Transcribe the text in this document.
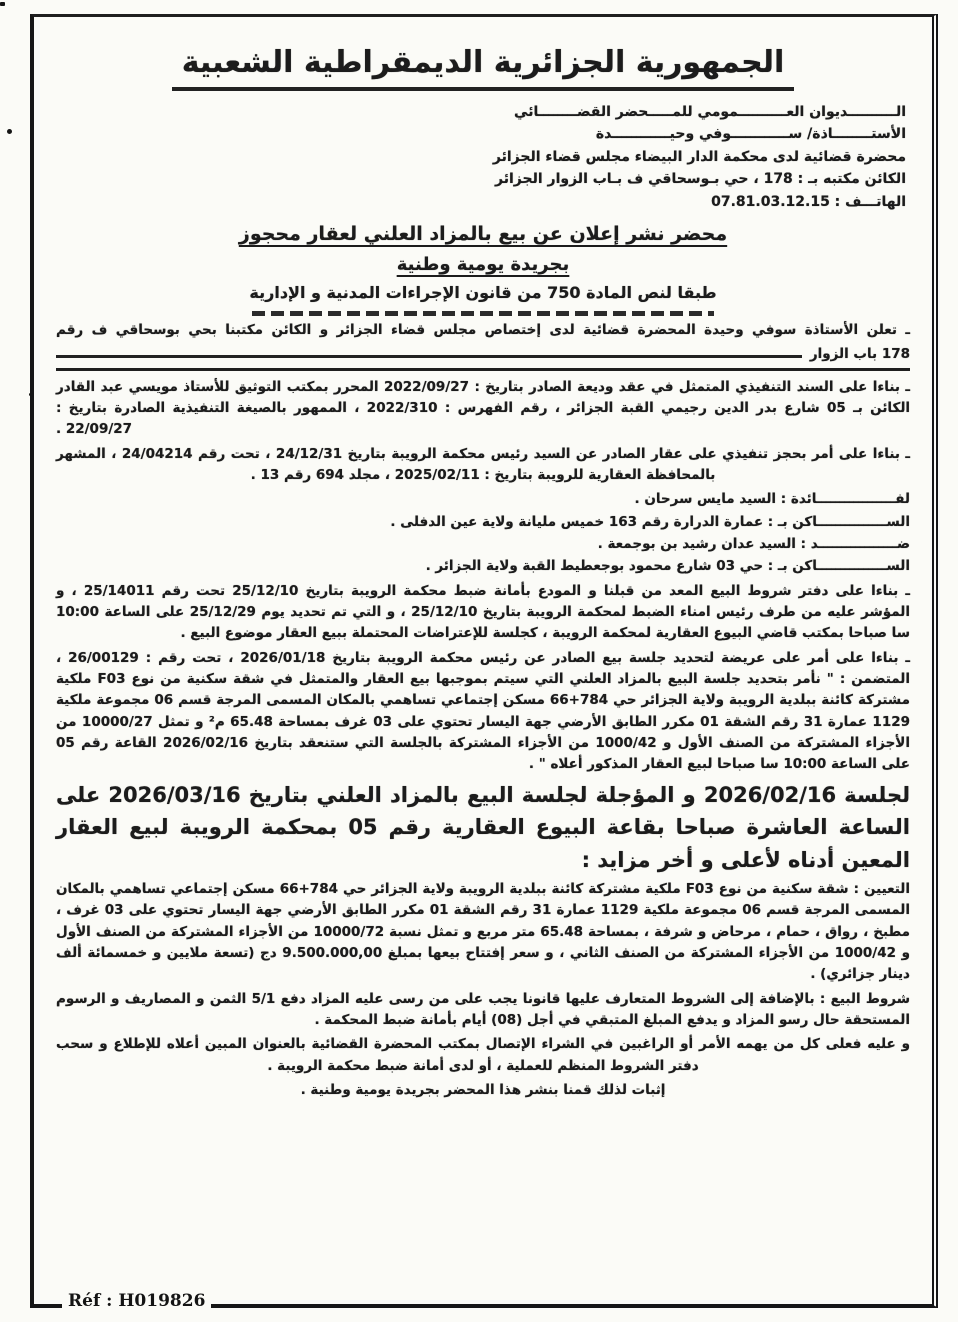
الجمهورية الجزائرية الديمقراطية الشعبية
الــــــــــديوان العــــــــــمومي للمـــــحضر القضــــــــائي
الأستــــــــاذة/ ســــــــــــوفي وحيــــــــــــدة
محضرة قضائية لدى محكمة الدار البيضاء مجلس قضاء الجزائر
الكائن مكتبه بـ : 178 ، حي بـوسحاقي ف بـاب الزوار الجزائر
الهاتـــف : 07.81.03.12.15
محضر نشر إعلان عن بيع بالمزاد العلني لعقار محجوز
بجريدة يومية وطنية
طبقا لنص المادة 750 من قانون الإجراءات المدنية و الإدارية

ـ تعلن الأستاذة سوفي وحيدة المحضرة قضائية لدى إختصاص مجلس قضاء الجزائر و الكائن مكتبنا بحي بوسحاقي ف رقم

178 باب الزوار

ـ بناءا على السند التنفيذي المتمثل في عقد وديعة الصادر بتاريخ : 2022/09/27 المحرر بمكتب التوثيق للأستاذ مويسي عبد القادر الكائن بـ 05 شارع بدر الدين رجيمي القبة الجزائر ، رقم الفهرس : 2022/310 ، الممهور بالصيغة التنفيذية الصادرة بتاريخ : 22/09/27 .

ـ بناءا على أمر بحجز تنفيذي على عقار الصادر عن السيد رئيس محكمة الرويبة بتاريخ 24/12/31 ، تحت رقم 24/04214 ، المشهر بالمحافظة العقارية للرويبة بتاريخ : 2025/02/11 ، مجلد 694 رقم 13 .

لفـــــــــــــــــائدة : السيد مايس سرحان .
الســـــــــــــــاكن بـ : عمارة الدرارة رقم 163 خميس مليانة ولاية عين الدفلى .
ضـــــــــــــــــد : السيد عدان رشيد بن بوجمعة .
الســـــــــــــــاكن بـ : حي 03 شارع محمود بوجعطيط القبة ولاية الجزائر .

ـ بناءا على دفتر شروط البيع المعد من قبلنا و المودع بأمانة ضبط محكمة الرويبة بتاريخ 25/12/10 تحت رقم 25/14011 ، و المؤشر عليه من طرف رئيس امناء الضبط لمحكمة الرويبة بتاريخ 25/12/10 ، و التي تم تحديد يوم 25/12/29 على الساعة 10:00 سا صباحا بمكتب قاضي البيوع العقارية لمحكمة الرويبة ، كجلسة للإعتراضات المحتملة ببيع العقار موضوع البيع .

ـ بناءا على أمر على عريضة لتحديد جلسة بيع الصادر عن رئيس محكمة الرويبة بتاريخ 2026/01/18 ، تحت رقم : 26/00129 ، المتضمن : " نأمر بتحديد جلسة البيع بالمزاد العلني التي سيتم بموجبها بيع العقار والمتمثل في شقة سكنية من نوع F03 ملكية مشتركة كائنة ببلدية الرويبة ولاية الجزائر حي 784+66 مسكن إجتماعي تساهمي بالمكان المسمى المرجة قسم 06 مجموعة ملكية 1129 عمارة 31 رقم الشقة 01 مكرر الطابق الأرضي جهة اليسار تحتوي على 03 غرف بمساحة 65.48 م² و تمثل 10000/27 من الأجزاء المشتركة من الصنف الأول و 1000/42 من الأجزاء المشتركة بالجلسة التي ستنعقد بتاريخ 2026/02/16 القاعة رقم 05 على الساعة 10:00 سا صباحا لبيع العقار المذكور أعلاه " .

لجلسة 2026/02/16 و المؤجلة لجلسة البيع بالمزاد العلني بتاريخ 2026/03/16 على الساعة العاشرة صباحا بقاعة البيوع العقارية رقم 05 بمحكمة الرويبة لبيع العقار المعين أدناه لأعلى و أخر مزايد :

التعيين : شقة سكنية من نوع F03 ملكية مشتركة كائنة ببلدية الرويبة ولاية الجزائر حي 784+66 مسكن إجتماعي تساهمي بالمكان المسمى المرجة قسم 06 مجموعة ملكية 1129 عمارة 31 رقم الشقة 01 مكرر الطابق الأرضي جهة اليسار تحتوي على 03 غرف ، مطبخ ، رواق ، حمام ، مرحاض و شرفة ، بمساحة 65.48 متر مربع و تمثل نسبة 10000/72 من الأجزاء المشتركة من الصنف الأول و 1000/42 من الأجزاء المشتركة من الصنف الثاني ، و سعر إفتتاح بيعها بمبلغ 9.500.000,00 دج (تسعة ملايين و خمسمائة ألف دينار جزائري) .

شروط البيع : بالإضافة إلى الشروط المتعارف عليها قانونا يجب على من رسى عليه المزاد دفع 5/1 الثمن و المصاريف و الرسوم المستحقة حال رسو المزاد و يدفع المبلغ المتبقي في أجل (08) أيام بأمانة ضبط المحكمة .

و عليه فعلى كل من يهمه الأمر أو الراغبين في الشراء الإتصال بمكتب المحضرة القضائية بالعنوان المبين أعلاه للإطلاع و سحب دفتر الشروط المنظم للعملية ، أو لدى أمانة ضبط محكمة الرويبة .

إثبات لذلك قمنا بنشر هذا المحضر بجريدة يومية وطنية .

Réf : H019826
